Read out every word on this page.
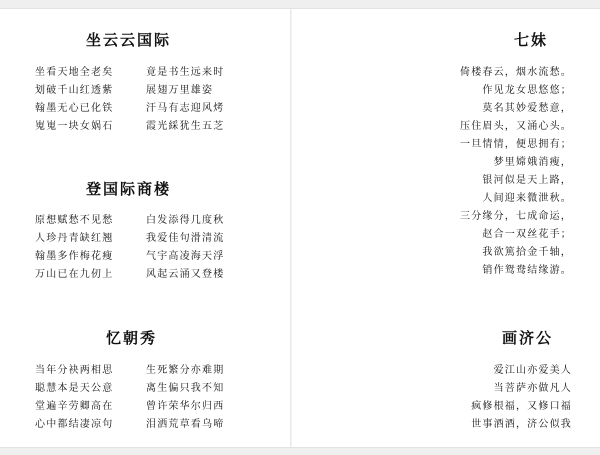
坐云云国际
坐看天地全老矣
划破千山红透紫
翰墨无心已化铁
嵬嵬一块女娲石
竟是书生远来时
展翅万里雄姿
汗马有志迎风烤
霞光綵犹生五芝
登国际商楼
原想赋愁不见愁
人珍丹青缺红翘
翰墨多作梅花瘦
万山已在九仞上
白发添得几度秋
我爱佳句滑清流
气宇高凌海天浮
风起云涌又登楼
忆朝秀
当年分袂两相思
聪慧本是天公意
堂遍辛劳卿高在
心中都结凄凉句
生死繁分亦难期
离生偏只我不知
曾许荣华尔归西
泪洒荒草看乌啼
七妹
倚楼春云，烟水流愁。
作见龙女思悠悠；
莫名其妙爱愁意，
压住眉头，又涌心头。
一旦情情，便思拥有；
梦里嫦娥消瘦，
银河似是天上路，
人间迎来微泄秋。
三分缘分，七成命运，
赵合一双丝花手；
我欲篤拾金千轴，
销作鸳鸯结缘游。
画济公
爱江山亦爱美人
当菩萨亦做凡人
疯修根福，又修口福
世事酒酒，济公似我
